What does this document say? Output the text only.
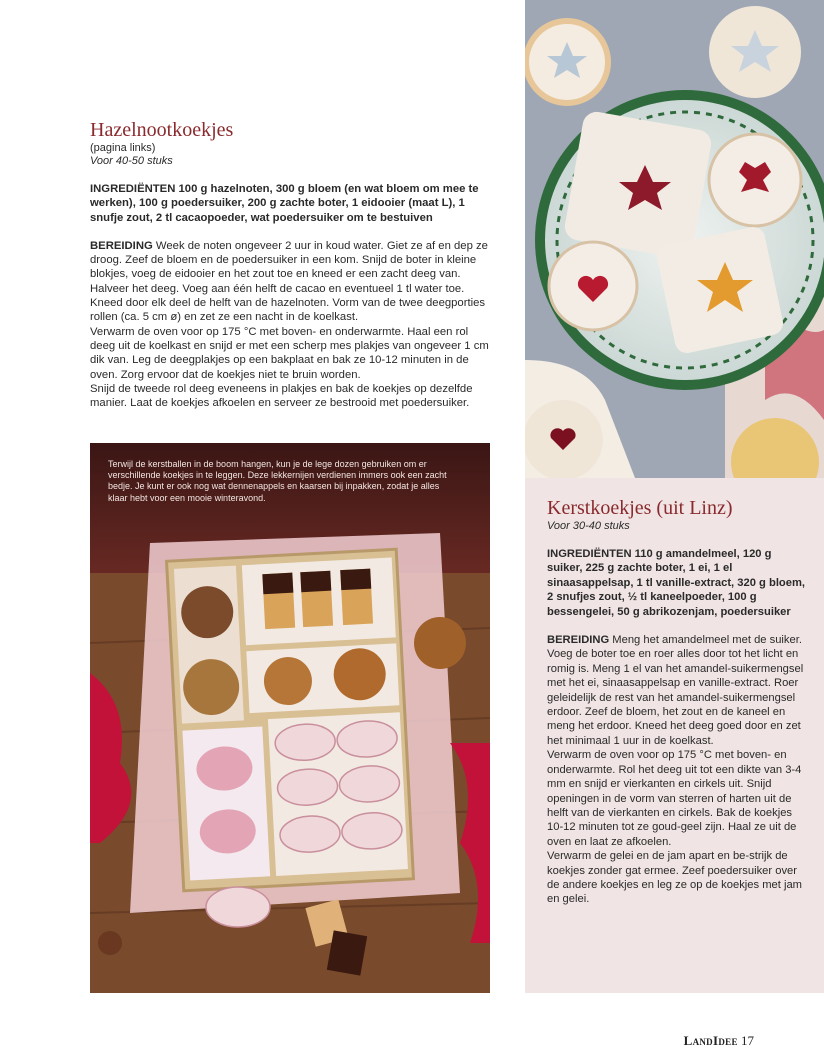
Hazelnootkoekjes
(pagina links)
Voor 40-50 stuks

INGREDIËNTEN 100 g hazelnoten, 300 g bloem (en wat bloem om mee te werken), 100 g poedersuiker, 200 g zachte boter, 1 eidooier (maat L), 1 snufje zout, 2 tl cacaopoeder, wat poedersuiker om te bestuiven

BEREIDING Week de noten ongeveer 2 uur in koud water. Giet ze af en dep ze droog. Zeef de bloem en de poedersuiker in een kom. Snijd de boter in kleine blokjes, voeg de eidooier en het zout toe en kneed er een zacht deeg van. Halveer het deeg. Voeg aan één helft de cacao en eventueel 1 tl water toe. Kneed door elk deel de helft van de hazelnoten. Vorm van de twee deegporties rollen (ca. 5 cm ø) en zet ze een nacht in de koelkast.

Verwarm de oven voor op 175 °C met boven- en onderwarmte. Haal een rol deeg uit de koelkast en snijd er met een scherp mes plakjes van ongeveer 1 cm dik van. Leg de deegplakjes op een bakplaat en bak ze 10-12 minuten in de oven. Zorg ervoor dat de koekjes niet te bruin worden.

Snijd de tweede rol deeg eveneens in plakjes en bak de koekjes op dezelfde manier. Laat de koekjes afkoelen en serveer ze bestrooid met poedersuiker.

Terwijl de kerstballen in de boom hangen, kun je de lege dozen gebruiken om er verschillende koekjes in te leggen. Deze lekkernijen verdienen immers ook een zacht bedje. Je kunt er ook nog wat dennenappels en kaarsen bij inpakken, zodat je alles klaar hebt voor een mooie winteravond.	Kerstkoekjes (uit Linz)
Voor 30-40 stuks

INGREDIËNTEN 110 g amandelmeel, 120 g suiker, 225 g zachte boter, 1 ei, 1 el sinaasappelsap, 1 tl vanille-extract, 320 g bloem, 2 snufjes zout, ½ tl kaneelpoeder, 100 g bessengelei, 50 g abrikozenjam, poedersuiker

BEREIDING Meng het amandelmeel met de suiker. Voeg de boter toe en roer alles door tot het licht en romig is. Meng 1 el van het amandel-suikermengsel met het ei, sinaasappelsap en vanille-extract. Roer geleidelijk de rest van het amandel-suikermengsel erdoor. Zeef de bloem, het zout en de kaneel en meng het erdoor. Kneed het deeg goed door en zet het minimaal 1 uur in de koelkast.

Verwarm de oven voor op 175 °C met boven- en onderwarmte. Rol het deeg uit tot een dikte van 3-4 mm en snijd er vierkanten en cirkels uit. Snijd openingen in de vorm van sterren of harten uit de helft van de vierkanten en cirkels. Bak de koekjes 10-12 minuten tot ze goud-geel zijn. Haal ze uit de oven en laat ze afkoelen.

Verwarm de gelei en de jam apart en be-strijk de koekjes zonder gat ermee. Zeef poedersuiker over de andere koekjes en leg ze op de koekjes met jam en gelei.

LandIdee 17
